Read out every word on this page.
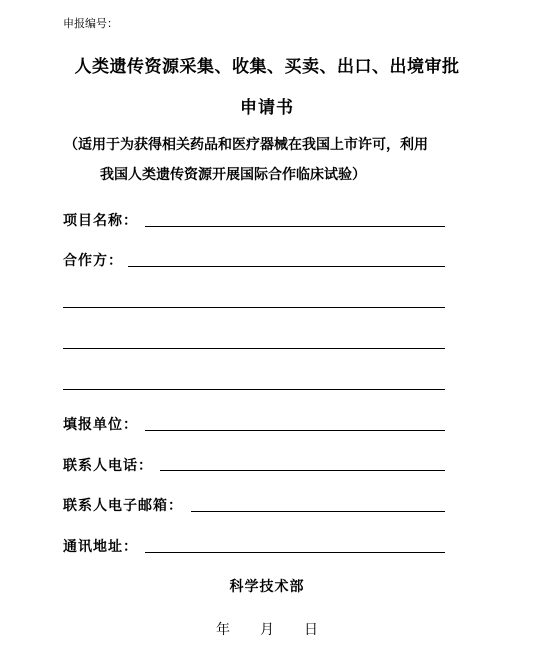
申报编号：
人类遗传资源采集、收集、买卖、出口、出境审批
申请书
（适用于为获得相关药品和医疗器械在我国上市许可，利用
我国人类遗传资源开展国际合作临床试验）
项目名称：
合作方：
填报单位：
联系人电话：
联系人电子邮箱：
通讯地址：
科学技术部
年 月 日
